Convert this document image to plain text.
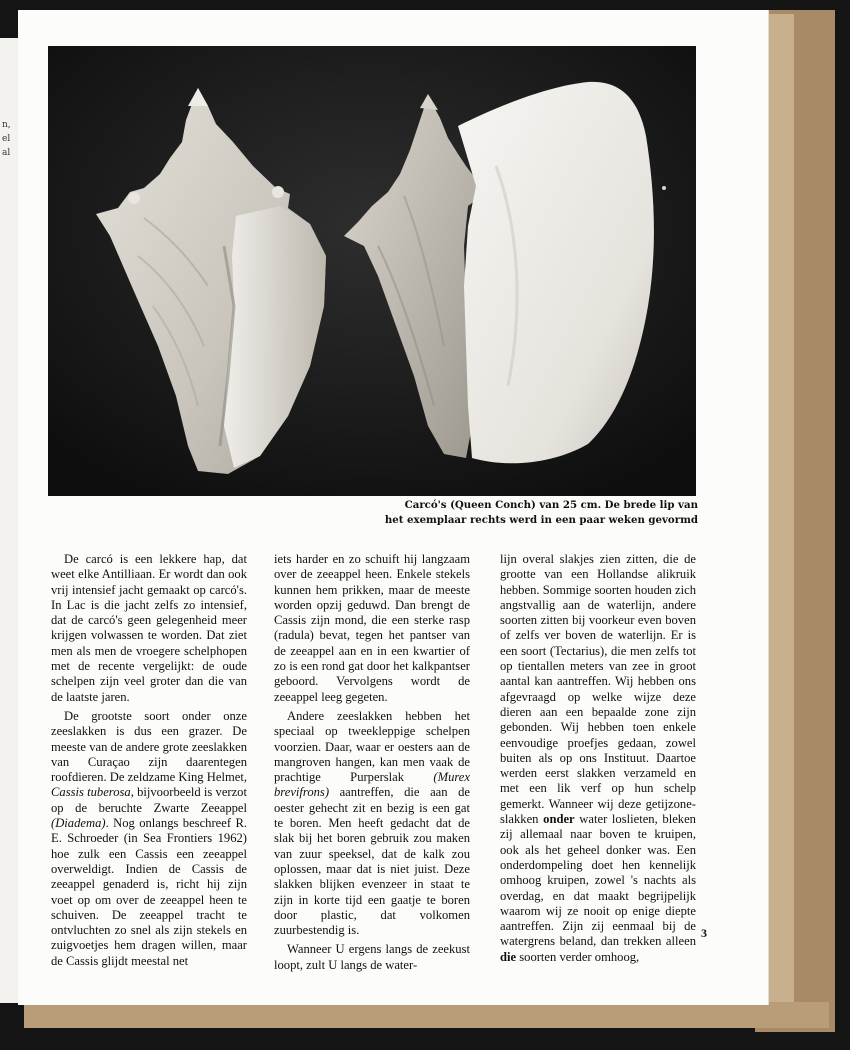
n,
el
al
Carcó's (Queen Conch) van 25 cm. De brede lip van
het exemplaar rechts werd in een paar weken gevormd

De carcó is een lekkere hap, dat weet elke Antilliaan. Er wordt dan ook vrij intensief jacht gemaakt op carcó's. In Lac is die jacht zelfs zo intensief, dat de carcó's geen gelegenheid meer krijgen volwassen te worden. Dat ziet men als men de vroegere schelphopen met de recente vergelijkt: de oude schelpen zijn veel groter dan die van de laatste jaren.

De grootste soort onder onze zeeslakken is dus een grazer. De meeste van de andere grote zeeslakken van Curaçao zijn daarentegen roofdieren. De zeldzame King Helmet, Cassis tuberosa, bijvoorbeeld is verzot op de beruchte Zwarte Zeeappel (Diadema). Nog onlangs beschreef R. E. Schroeder (in Sea Frontiers 1962) hoe zulk een Cassis een zeeappel overweldigt. Indien de Cassis de zeeappel genaderd is, richt hij zijn voet op om over de zeeappel heen te schuiven. De zeeappel tracht te ontvluchten zo snel als zijn stekels en zuigvoetjes hem dragen willen, maar de Cassis glijdt meestal net

iets harder en zo schuift hij langzaam over de zeeappel heen. Enkele stekels kunnen hem prikken, maar de meeste worden opzij geduwd. Dan brengt de Cassis zijn mond, die een sterke rasp (radula) bevat, tegen het pantser van de zeeappel aan en in een kwartier of zo is een rond gat door het kalkpantser geboord. Vervolgens wordt de zeeappel leeg gegeten.

Andere zeeslakken hebben het speciaal op tweekleppige schelpen voorzien. Daar, waar er oesters aan de mangroven hangen, kan men vaak de prachtige Purperslak (Murex brevifrons) aantreffen, die aan de oester gehecht zit en bezig is een gat te boren. Men heeft gedacht dat de slak bij het boren gebruik zou maken van zuur speeksel, dat de kalk zou oplossen, maar dat is niet juist. Deze slakken blijken evenzeer in staat te zijn in korte tijd een gaatje te boren door plastic, dat volkomen zuurbestendig is.

Wanneer U ergens langs de zeekust loopt, zult U langs de water-

lijn overal slakjes zien zitten, die de grootte van een Hollandse alikruik hebben. Sommige soorten houden zich angstvallig aan de waterlijn, andere soorten zitten bij voorkeur even boven of zelfs ver boven de waterlijn. Er is een soort (Tectarius), die men zelfs tot op tientallen meters van zee in groot aantal kan aantreffen. Wij hebben ons afgevraagd op welke wijze deze dieren aan een bepaalde zone zijn gebonden. Wij hebben toen enkele eenvoudige proefjes gedaan, zowel buiten als op ons Instituut. Daartoe werden eerst slakken verzameld en met een lik verf op hun schelp gemerkt. Wanneer wij deze getijzone-slakken onder water loslieten, bleken zij allemaal naar boven te kruipen, ook als het geheel donker was. Een onderdompeling doet hen kennelijk omhoog kruipen, zowel 's nachts als overdag, en dat maakt begrijpelijk waarom wij ze nooit op enige diepte aantreffen. Zijn zij eenmaal bij de watergrens beland, dan trekken alleen die soorten verder omhoog,

3
